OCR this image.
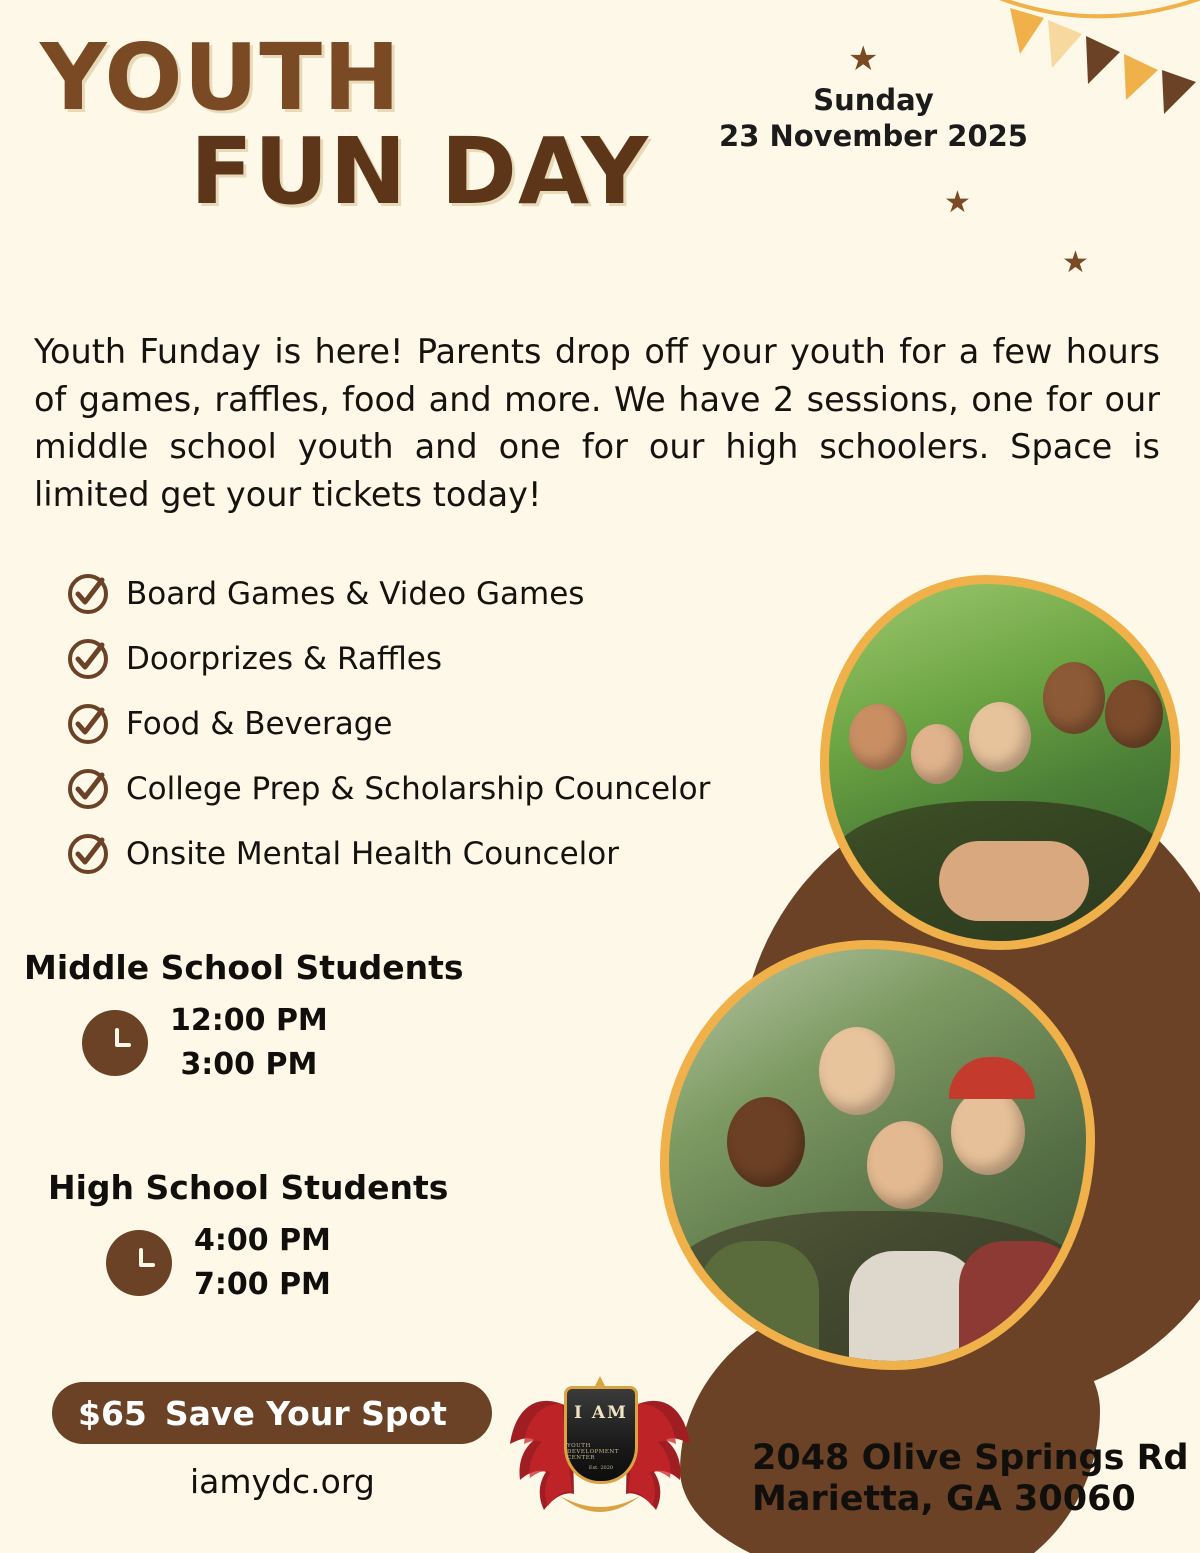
★
★
★
YOUTH
FUN DAY
Sunday
23 November 2025

Youth Funday is here! Parents drop off your youth for a few hours of games, raffles, food and more. We have 2 sessions, one for our middle school youth and one for our high schoolers. Space is limited get your tickets today!

Board Games & Video Games
Doorprizes & Raffles
Food & Beverage
College Prep & Scholarship Councelor
Onsite Mental Health Councelor
Middle School Students
12:00 PM
3:00 PM
High School Students
4:00 PM
7:00 PM
$65 Save Your Spot
iamydc.org
I AM
YOUTH DEVELOPMENT CENTER
Est. 2020	2048 Olive Springs Rd
Marietta, GA 30060
